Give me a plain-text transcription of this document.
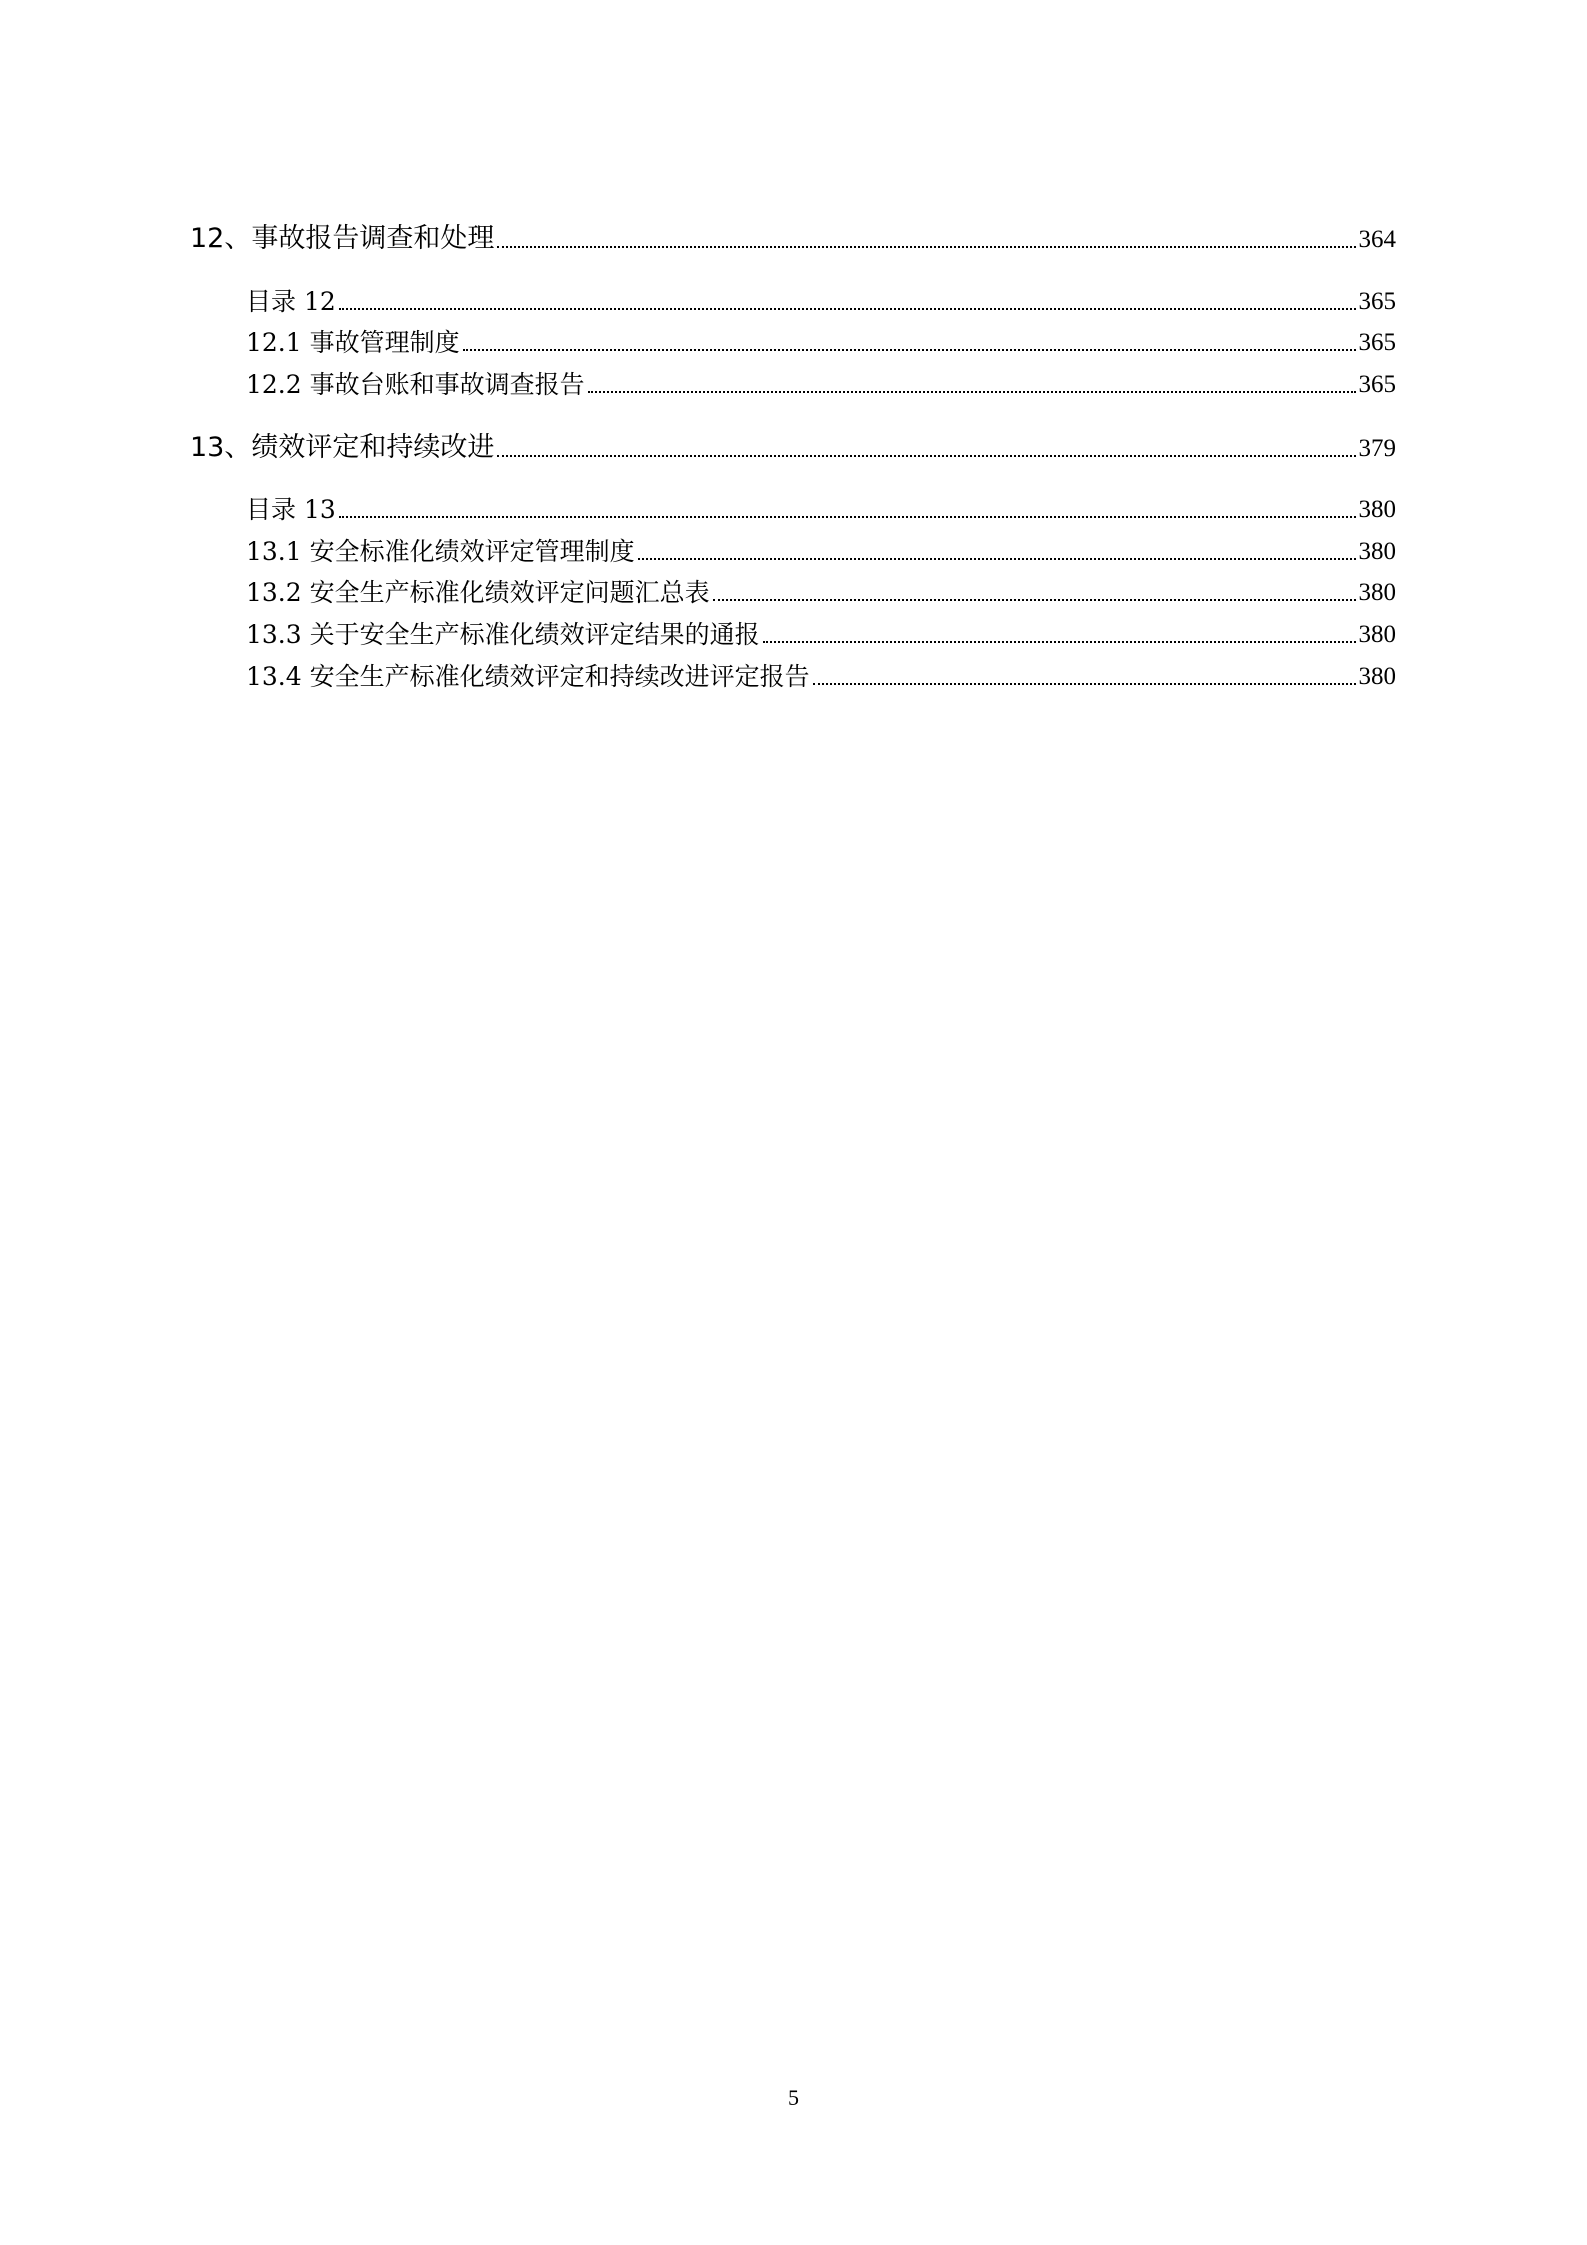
12、事故报告调查和处理	364
目录 12	365
12.1 事故管理制度	365
12.2 事故台账和事故调查报告	365
13、绩效评定和持续改进	379
目录 13	380
13.1 安全标准化绩效评定管理制度	380
13.2 安全生产标准化绩效评定问题汇总表	380
13.3 关于安全生产标准化绩效评定结果的通报	380
13.4 安全生产标准化绩效评定和持续改进评定报告	380
5
